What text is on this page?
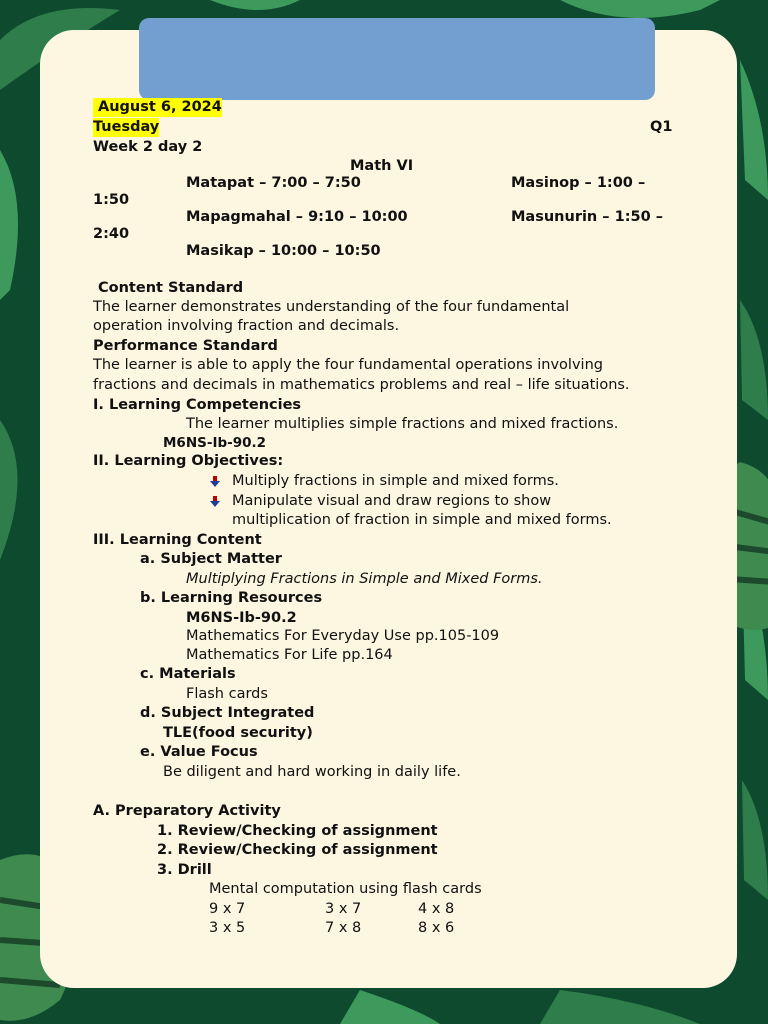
August 6, 2024
Tuesday	Q1
Week 2 day 2
Math VI
Matapat – 7:00 – 7:50	Masinop – 1:00 –
1:50
Mapagmahal – 9:10 – 10:00	Masunurin – 1:50 –
2:40
Masikap – 10:00 – 10:50
Content Standard
The learner demonstrates understanding of the four fundamental
operation involving fraction and decimals.
Performance Standard
The learner is able to apply the four fundamental operations involving
fractions and decimals in mathematics problems and real – life situations.
I. Learning Competencies
The learner multiplies simple fractions and mixed fractions.
M6NS-Ib-90.2
II. Learning Objectives:
Multiply fractions in simple and mixed forms.
Manipulate visual and draw regions to show
multiplication of fraction in simple and mixed forms.
III. Learning Content
a. Subject Matter
Multiplying Fractions in Simple and Mixed Forms.
b. Learning Resources
M6NS-Ib-90.2
Mathematics For Everyday Use pp.105-109
Mathematics For Life pp.164
c. Materials
Flash cards
d. Subject Integrated
TLE(food security)
e. Value Focus
Be diligent and hard working in daily life.
A. Preparatory Activity
1. Review/Checking of assignment
2. Review/Checking of assignment
3. Drill
Mental computation using flash cards
9 x 7	3 x 7	4 x 8
3 x 5	7 x 8	8 x 6
